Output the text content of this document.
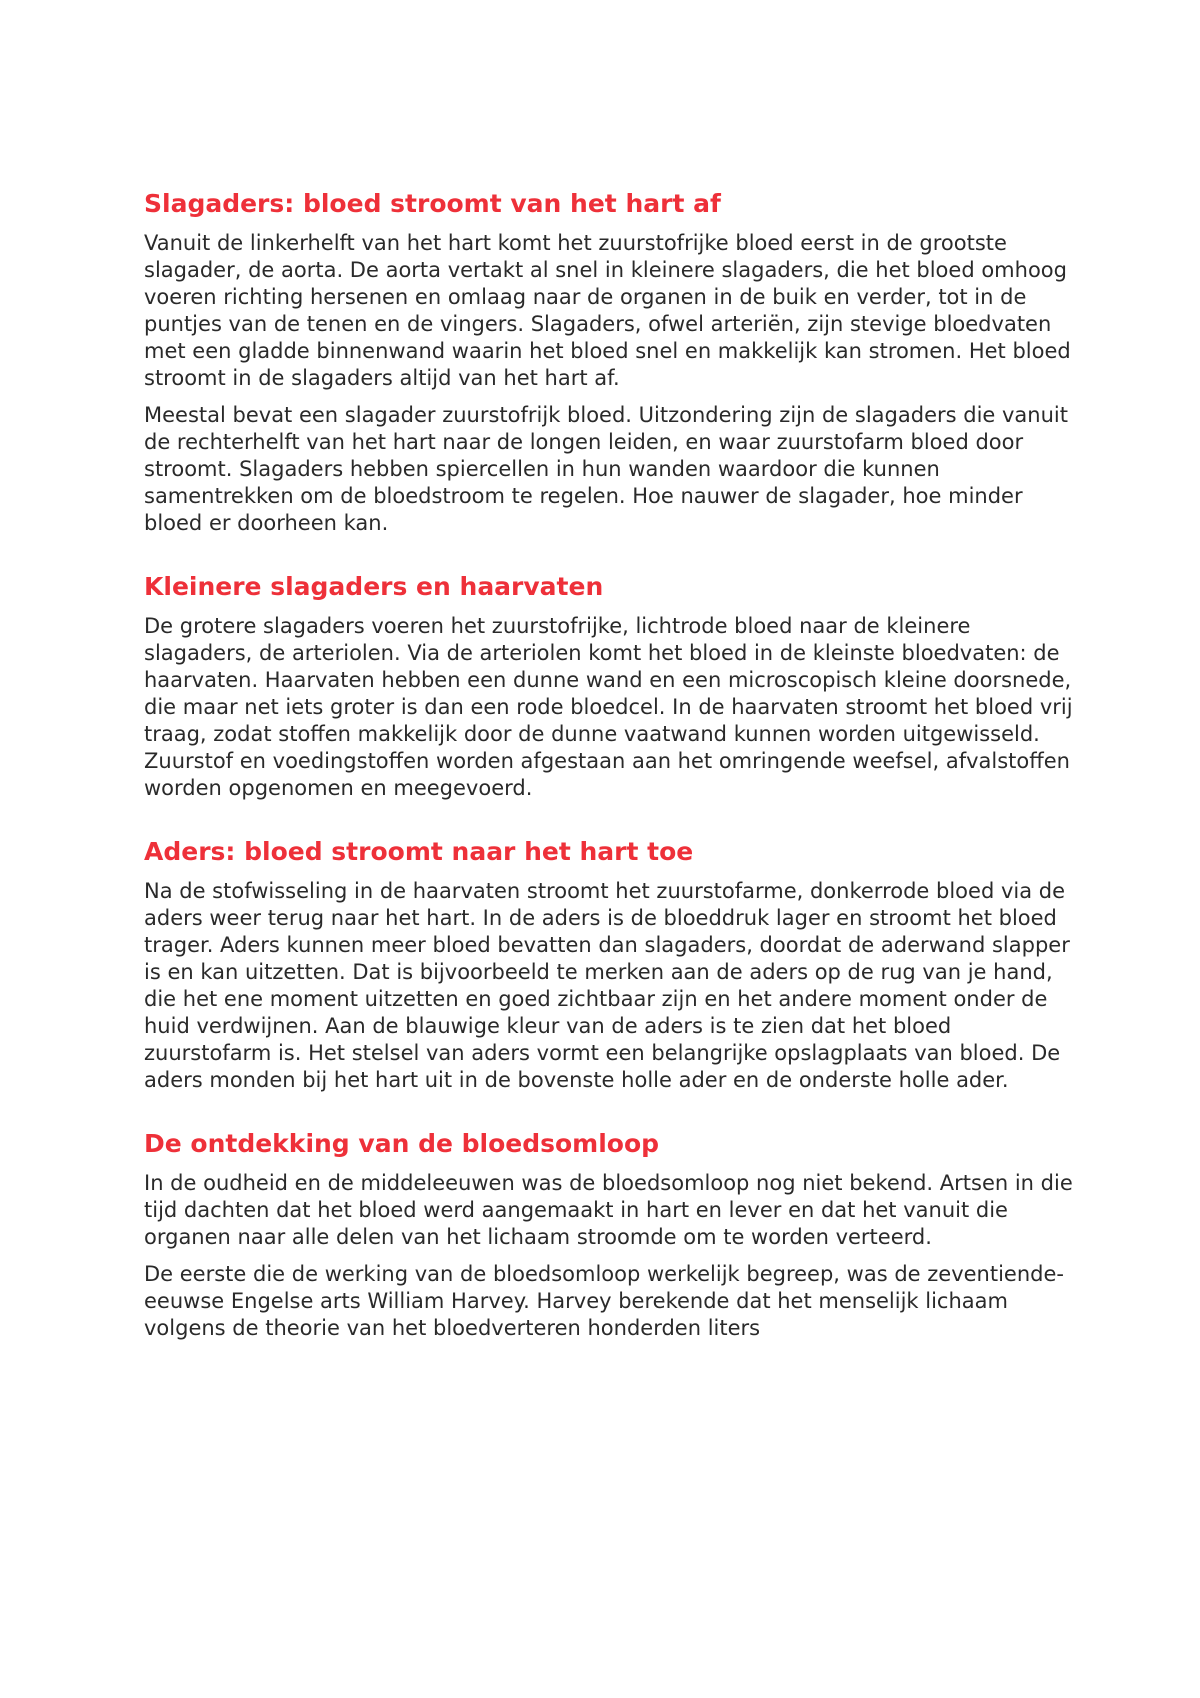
Slagaders: bloed stroomt van het hart af

Vanuit de linkerhelft van het hart komt het zuurstofrijke bloed eerst in de grootste slagader, de aorta. De aorta vertakt al snel in kleinere slagaders, die het bloed omhoog voeren richting hersenen en omlaag naar de organen in de buik en verder, tot in de puntjes van de tenen en de vingers. Slagaders, ofwel arteriën, zijn stevige bloedvaten met een gladde binnenwand waarin het bloed snel en makkelijk kan stromen. Het bloed stroomt in de slagaders altijd van het hart af.

Meestal bevat een slagader zuurstofrijk bloed. Uitzondering zijn de slagaders die vanuit de rechterhelft van het hart naar de longen leiden, en waar zuurstofarm bloed door stroomt. Slagaders hebben spiercellen in hun wanden waardoor die kunnen samentrekken om de bloedstroom te regelen. Hoe nauwer de slagader, hoe minder bloed er doorheen kan.

Kleinere slagaders en haarvaten

De grotere slagaders voeren het zuurstofrijke, lichtrode bloed naar de kleinere slagaders, de arteriolen. Via de arteriolen komt het bloed in de kleinste bloedvaten: de haarvaten. Haarvaten hebben een dunne wand en een microscopisch kleine doorsnede, die maar net iets groter is dan een rode bloedcel. In de haarvaten stroomt het bloed vrij traag, zodat stoffen makkelijk door de dunne vaatwand kunnen worden uitgewisseld. Zuurstof en voedingstoffen worden afgestaan aan het omringende weefsel, afvalstoffen worden opgenomen en meegevoerd.

Aders: bloed stroomt naar het hart toe

Na de stofwisseling in de haarvaten stroomt het zuurstofarme, donkerrode bloed via de aders weer terug naar het hart. In de aders is de bloeddruk lager en stroomt het bloed trager. Aders kunnen meer bloed bevatten dan slagaders, doordat de aderwand slapper is en kan uitzetten. Dat is bijvoorbeeld te merken aan de aders op de rug van je hand, die het ene moment uitzetten en goed zichtbaar zijn en het andere moment onder de huid verdwijnen. Aan de blauwige kleur van de aders is te zien dat het bloed zuurstofarm is. Het stelsel van aders vormt een belangrijke opslagplaats van bloed. De aders monden bij het hart uit in de bovenste holle ader en de onderste holle ader.

De ontdekking van de bloedsomloop

In de oudheid en de middeleeuwen was de bloedsomloop nog niet bekend. Artsen in die tijd dachten dat het bloed werd aangemaakt in hart en lever en dat het vanuit die organen naar alle delen van het lichaam stroomde om te worden verteerd.

De eerste die de werking van de bloedsomloop werkelijk begreep, was de zeventiende-eeuwse Engelse arts William Harvey. Harvey berekende dat het menselijk lichaam volgens de theorie van het bloedverteren honderden liters
